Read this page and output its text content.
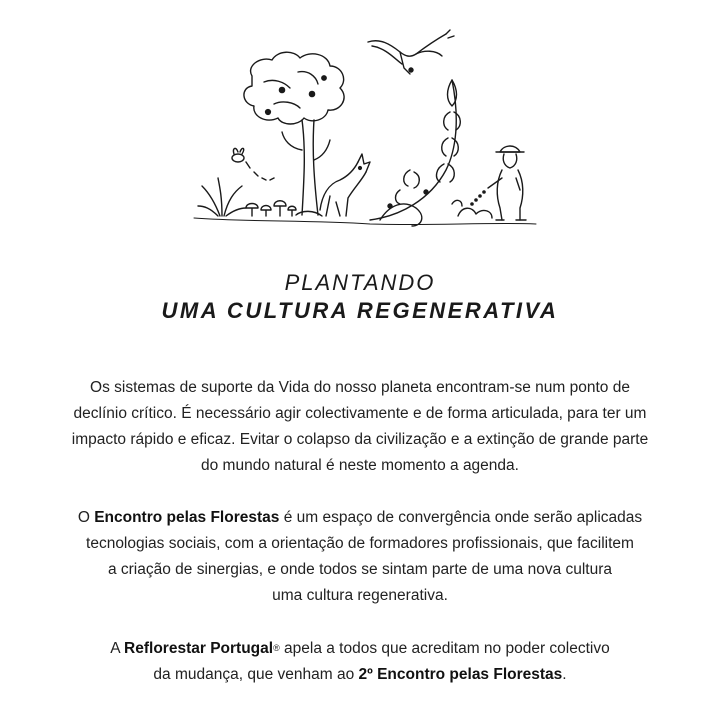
PLANTANDO
UMA CULTURA REGENERATIVA

Os sistemas de suporte da Vida do nosso planeta encontram-se num ponto de
declínio crítico. É necessário agir colectivamente e de forma articulada, para ter um
impacto rápido e eficaz. Evitar o colapso da civilização e a extinção de grande parte
do mundo natural é neste momento a agenda.

O Encontro pelas Florestas é um espaço de convergência onde serão aplicadas
tecnologias sociais, com a orientação de formadores profissionais, que facilitem
a criação de sinergias, e onde todos se sintam parte de uma nova cultura
uma cultura regenerativa.

A Reflorestar Portugal® apela a todos que acreditam no poder colectivo
da mudança, que venham ao 2º Encontro pelas Florestas.
